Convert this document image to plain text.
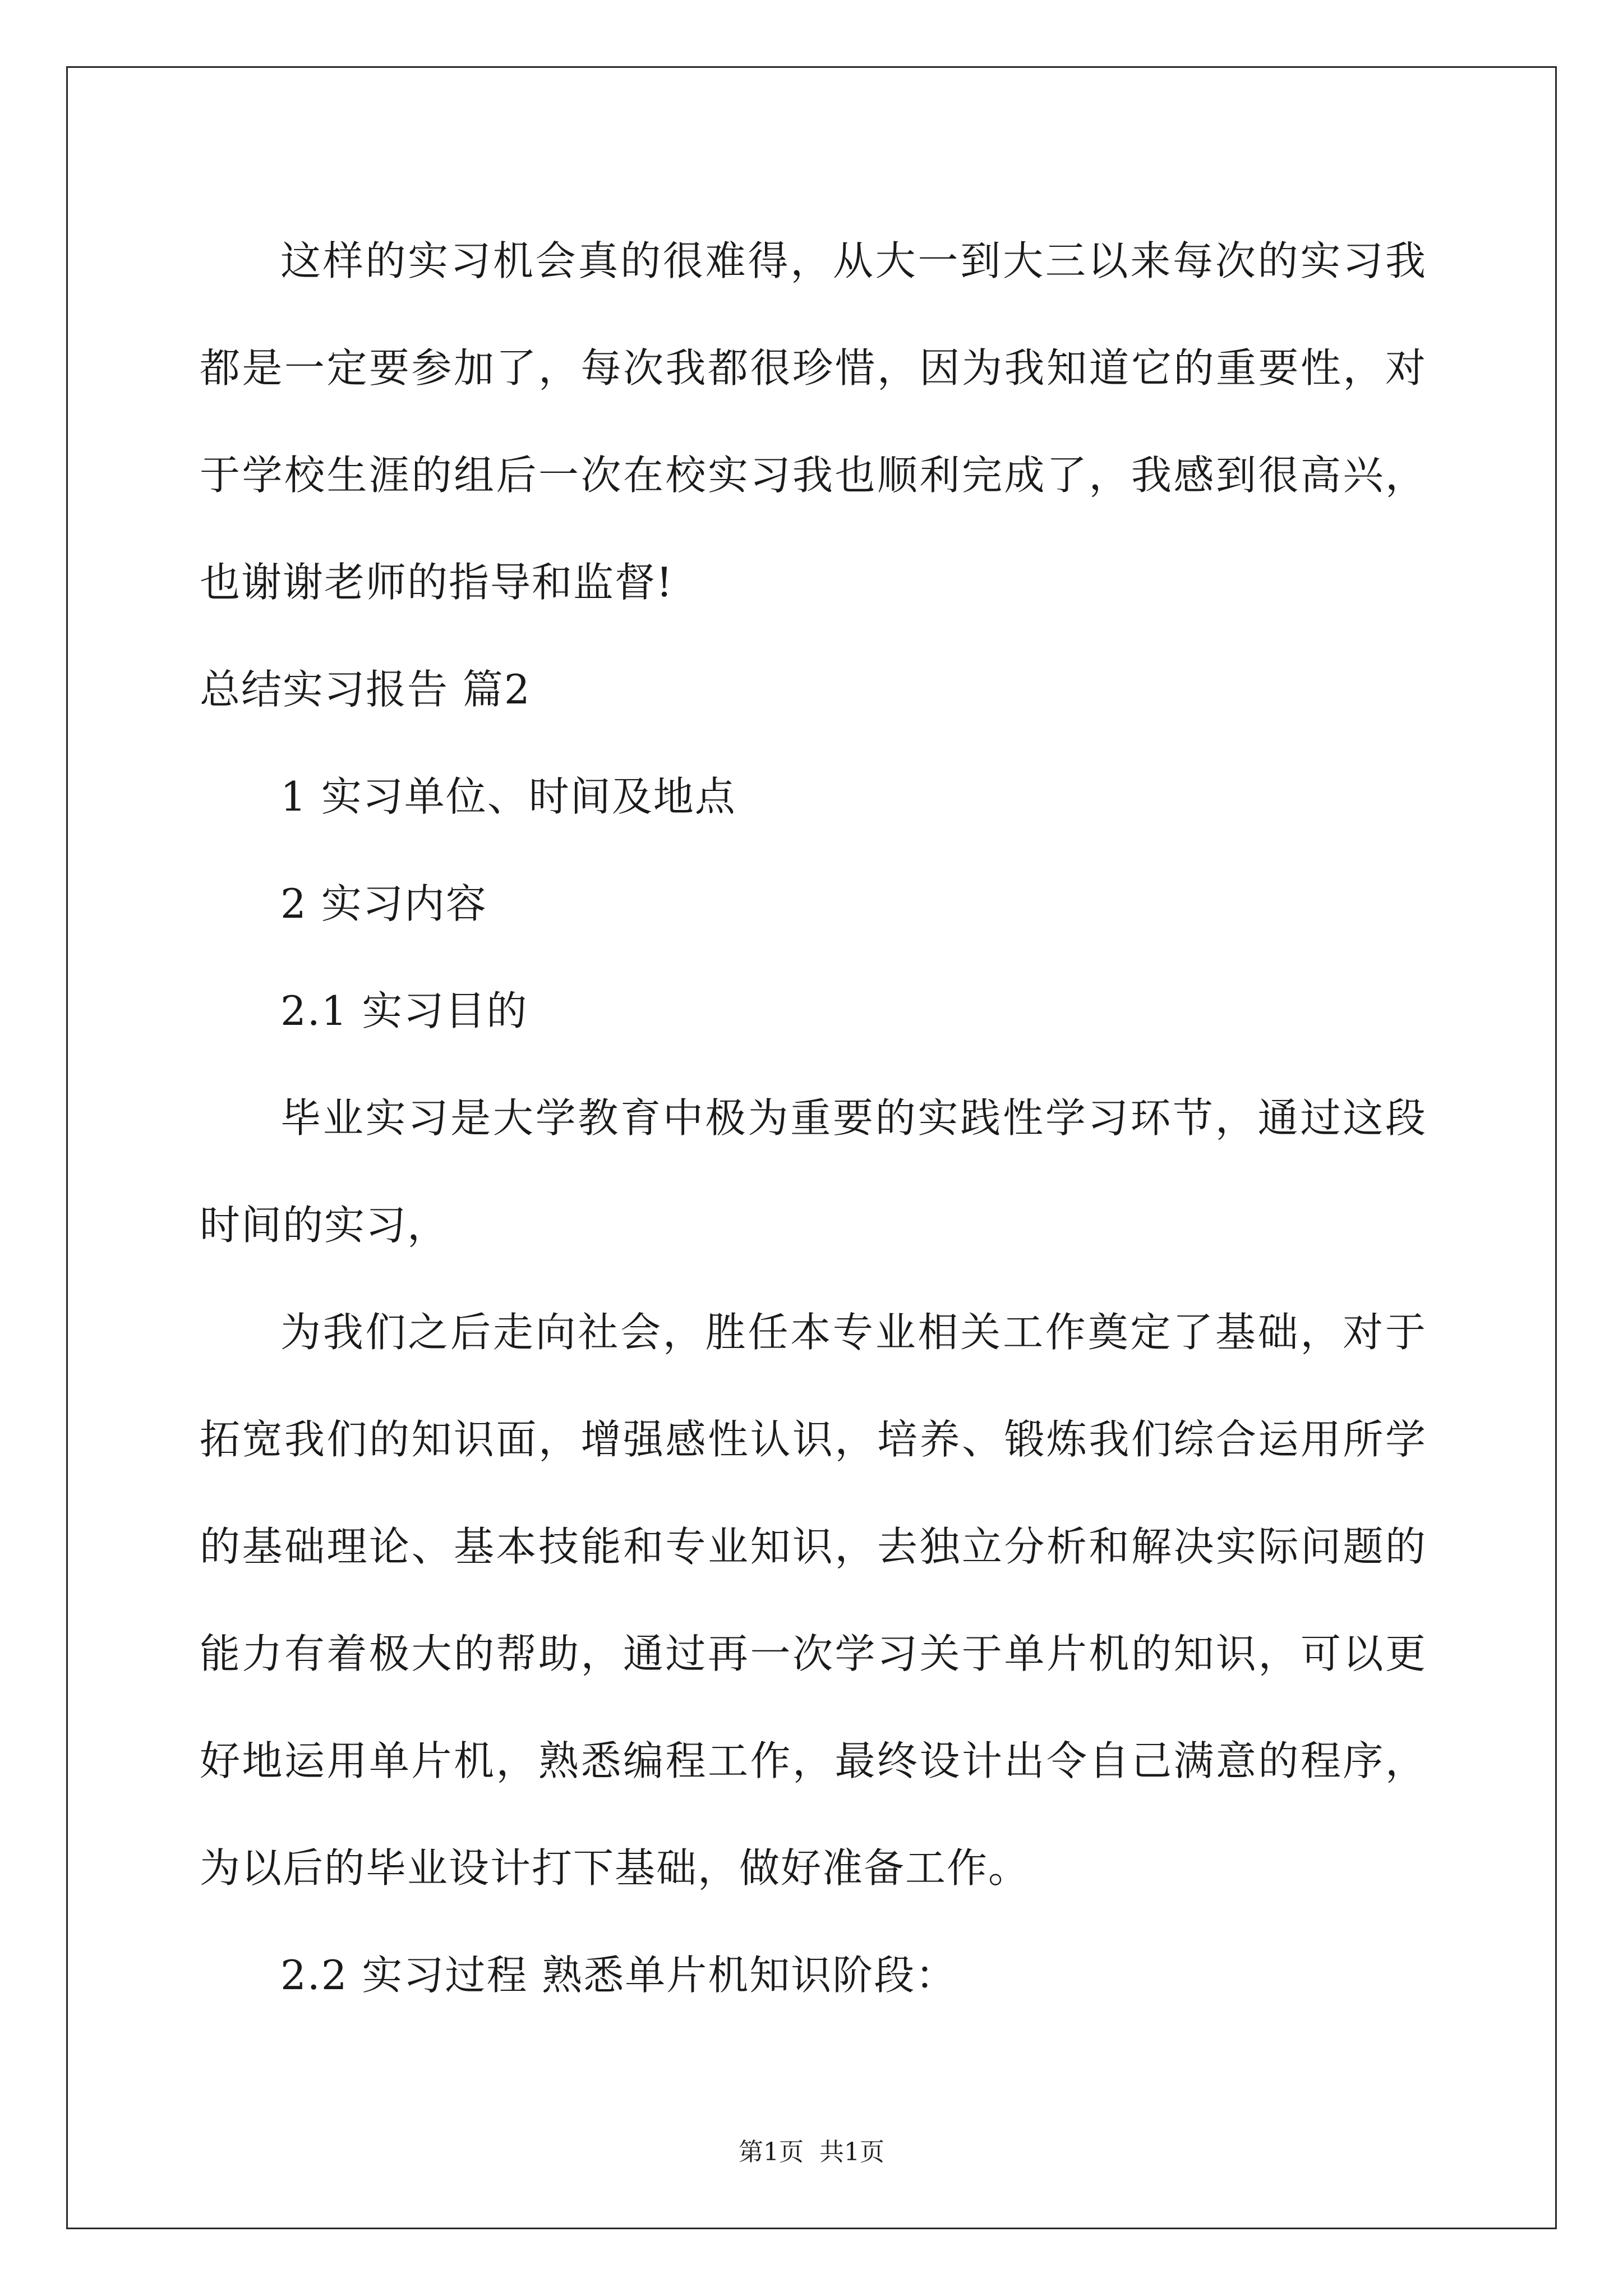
这样的实习机会真的很难得，从大一到大三以来每次的实习我都是一定要参加了，每次我都很珍惜，因为我知道它的重要性，对于学校生涯的组后一次在校实习我也顺利完成了，我感到很高兴，也谢谢老师的指导和监督!

总结实习报告 篇2

1 实习单位、时间及地点

2 实习内容

2.1 实习目的

毕业实习是大学教育中极为重要的实践性学习环节，通过这段时间的实习，

为我们之后走向社会，胜任本专业相关工作奠定了基础，对于拓宽我们的知识面，增强感性认识，培养、锻炼我们综合运用所学的基础理论、基本技能和专业知识，去独立分析和解决实际问题的能力有着极大的帮助，通过再一次学习关于单片机的知识，可以更好地运用单片机，熟悉编程工作，最终设计出令自己满意的程序，为以后的毕业设计打下基础，做好准备工作。

2.2 实习过程 熟悉单片机知识阶段：

第1页 共1页
